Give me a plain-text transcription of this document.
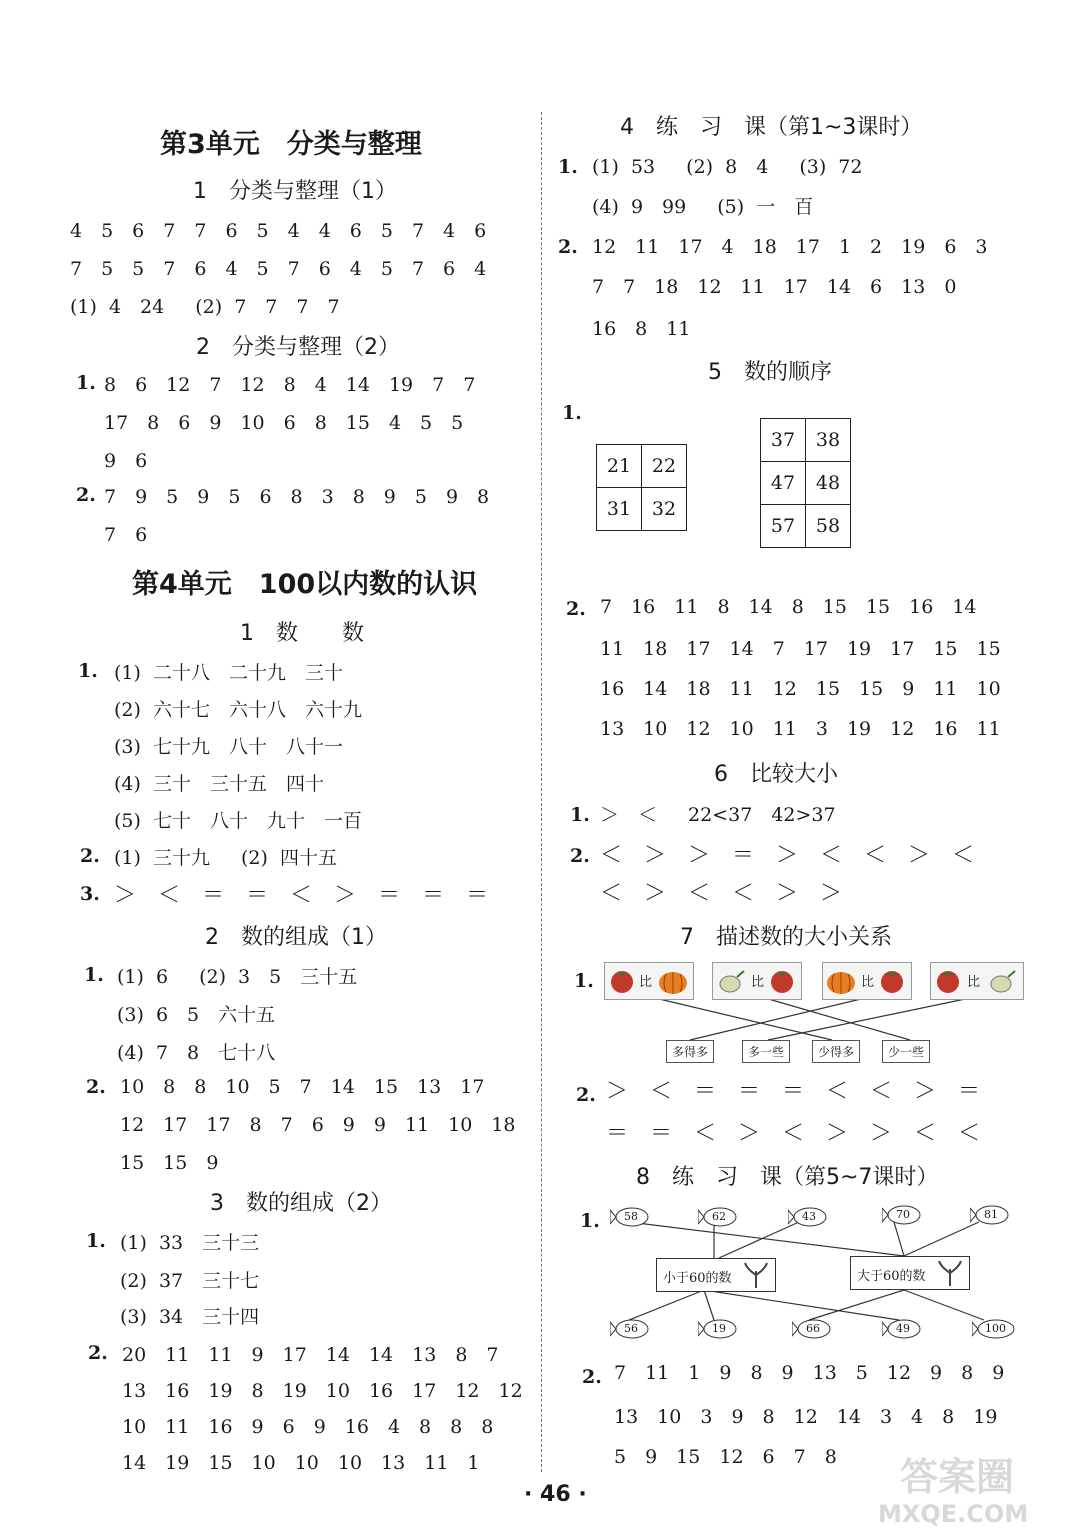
第3单元　分类与整理
1　分类与整理（1）
4　5　6　7　7　6　5　4　4　6　5　7　4　6
7　5　5　7　6　4　5　7　6　4　5　7　6　4
(1) 4　24　 (2) 7　7　7　7
2　分类与整理（2）
1. 8　6　12　7　12　8　4　14　19　7　7
17　8　6　9　10　6　8　15　4　5　5
9　6
2. 7　9　5　9　5　6　8　3　8　9　5　9　8
7　6
第4单元　100以内数的认识
1　数　　数
1. (1) 二十八　二十九　三十
(2) 六十七　六十八　六十九
(3) 七十九　八十　八十一
(4) 三十　三十五　四十
(5) 七十　八十　九十　一百
2. (1) 三十九　 (2) 四十五
3. ＞　＜　＝　＝　＜　＞　＝　＝　＝
2　数的组成（1）
1. (1) 6　 (2) 3　5　三十五
(3) 6　5　六十五
(4) 7　8　七十八
2. 10　8　8　10　5　7　14　15　13　17
12　17　17　8　7　6　9　9　11　10　18
15　15　9
3　数的组成（2）
1. (1) 33　三十三
(2) 37　三十七
(3) 34　三十四
2. 20　11　11　9　17　14　14　13　8　7
13　16　19　8　19　10　16　17　12　12
10　11　16　9　6　9　16　4　8　8　8
14　19　15　10　10　10　13　11　1
4　练　习　课（第1~3课时）
1. (1) 53　 (2) 8　4　 (3) 72
(4) 9　99　 (5) 一　百
2. 12　11　17　4　18　17　1　2　19　6　3
7　7　18　12　11　17　14　6　13　0
16　8　11
5　数的顺序
1.
21	22
31	32
37	38
47	48
57	58
2. 7　16　11　8　14　8　15　15　16　14
11　18　17　14　7　17　19　17　15　15
16　14　18　11　12　15　15　9　11　10
13　10　12　10　11　3　19　12　16　11
6　比较大小
1. ＞　＜　 22<37　42>37
2. ＜　＞　＞　＝　＞　＜　＜　＞　＜
＜　＞　＜　＜　＞　＞
7　描述数的大小关系
1.	比	比	比	比
多得多	多一些	少得多	少一些
2. ＞　＜　＝　＝　＝　＜　＜　＞　＝
＝　＝　＜　＞　＜　＞　＞　＜　＜
8　练　习　课（第5~7课时）
1. 58	62	43	70	81
小于60的数	大于60的数
56	19	66	49	100
2. 7　11　1　9　8　9　13　5　12　9　8　9
13　10　3　9　8　12　14　3　4　8　19
5　9　15　12　6　7　8
· 46 ·	答案圈
MXQE.COM
